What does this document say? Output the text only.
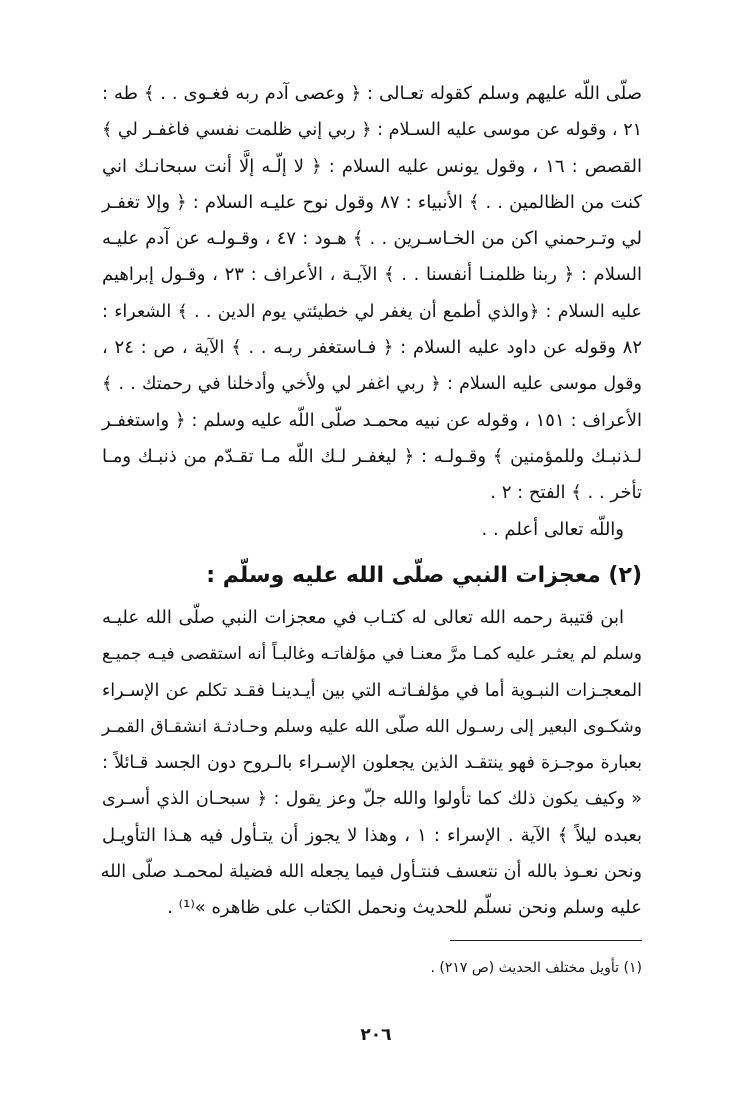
صلّى اللّه عليهم وسلم كقوله تعـالى : ﴿ وعصى آدم ربه فغـوى . . ﴾ طه :
٢١ ، وقوله عن موسى عليه السـلام : ﴿ ربي إني ظلمت نفسي فاغفـر لي ﴾
القصص : ١٦ ، وقول يونس عليه السلام : ﴿ لا إلّـه إلَّا أنت سبحانـك اني
كنت من الظالمين . . ﴾ الأنبياء : ٨٧ وقول نوح عليـه السلام : ﴿ وإلا تغفـر
لي وتـرحمني اكن من الخـاسـرين . . ﴾ هـود : ٤٧ ، وقـولـه عن آدم عليـه
السلام : ﴿ ربنا ظلمنـا أنفسنا . . ﴾ الآيـة ، الأعراف : ٢٣ ، وقـول إبراهيم
عليه السلام : ﴿والذي أطمع أن يغفر لي خطيئتي يوم الدين . . ﴾ الشعراء :
٨٢ وقوله عن داود عليه السلام : ﴿ فـاستغفر ربـه . . ﴾ الآية ، ص : ٢٤ ،
وقول موسى عليه السلام : ﴿ ربي اغفر لي ولأخي وأدخلنا في رحمتك . . ﴾
الأعراف : ١٥١ ، وقوله عن نبيه محمـد صلّى اللّه عليه وسلم : ﴿ واستغفـر
لـذنبـك وللمؤمنين ﴾ وقـولـه : ﴿ ليغفـر لـك اللّه مـا تقـدّم من ذنبـك ومـا
تأخر . . ﴾ الفتح : ٢ .
واللّه تعالى أعلم . .
(٢) معجزات النبي صلّى الله عليه وسلّم :
ابن قتيبة رحمه الله تعالى له كتـاب في معجزات النبي صلّى الله عليـه
وسلم لم يعثـر عليه كمـا مرَّ معنـا في مؤلفاتـه وغالبـاً أنه استقصى فيـه جميـع
المعجـزات النبـوية أما في مؤلفـاتـه التي بين أيـدينـا فقـد تكلم عن الإسـراء
وشكـوى البعير إلى رسـول الله صلّى الله عليه وسلم وحـادثـة انشقـاق القمـر
بعبارة موجـزة فهو ينتقـد الذين يجعلون الإسـراء بالـروح دون الجسد قـائلاً :
« وكيف يكون ذلك كما تأولوا والله جلّ وعز يقول : ﴿ سبحـان الذي أسـرى
بعبده ليلاً ﴾ الآية . الإسراء : ١ ، وهذا لا يجوز أن يتـأول فيه هـذا التأويـل
ونحن نعـوذ بالله أن نتعسف فنتـأول فيما يجعله الله فضيلة لمحمـد صلّى الله
عليه وسلم ونحن نسلّم للحديث ونحمل الكتاب على ظاهره »⁽¹⁾ .
(١) تأويل مختلف الحديث (ص ٢١٧) .
٢٠٦
